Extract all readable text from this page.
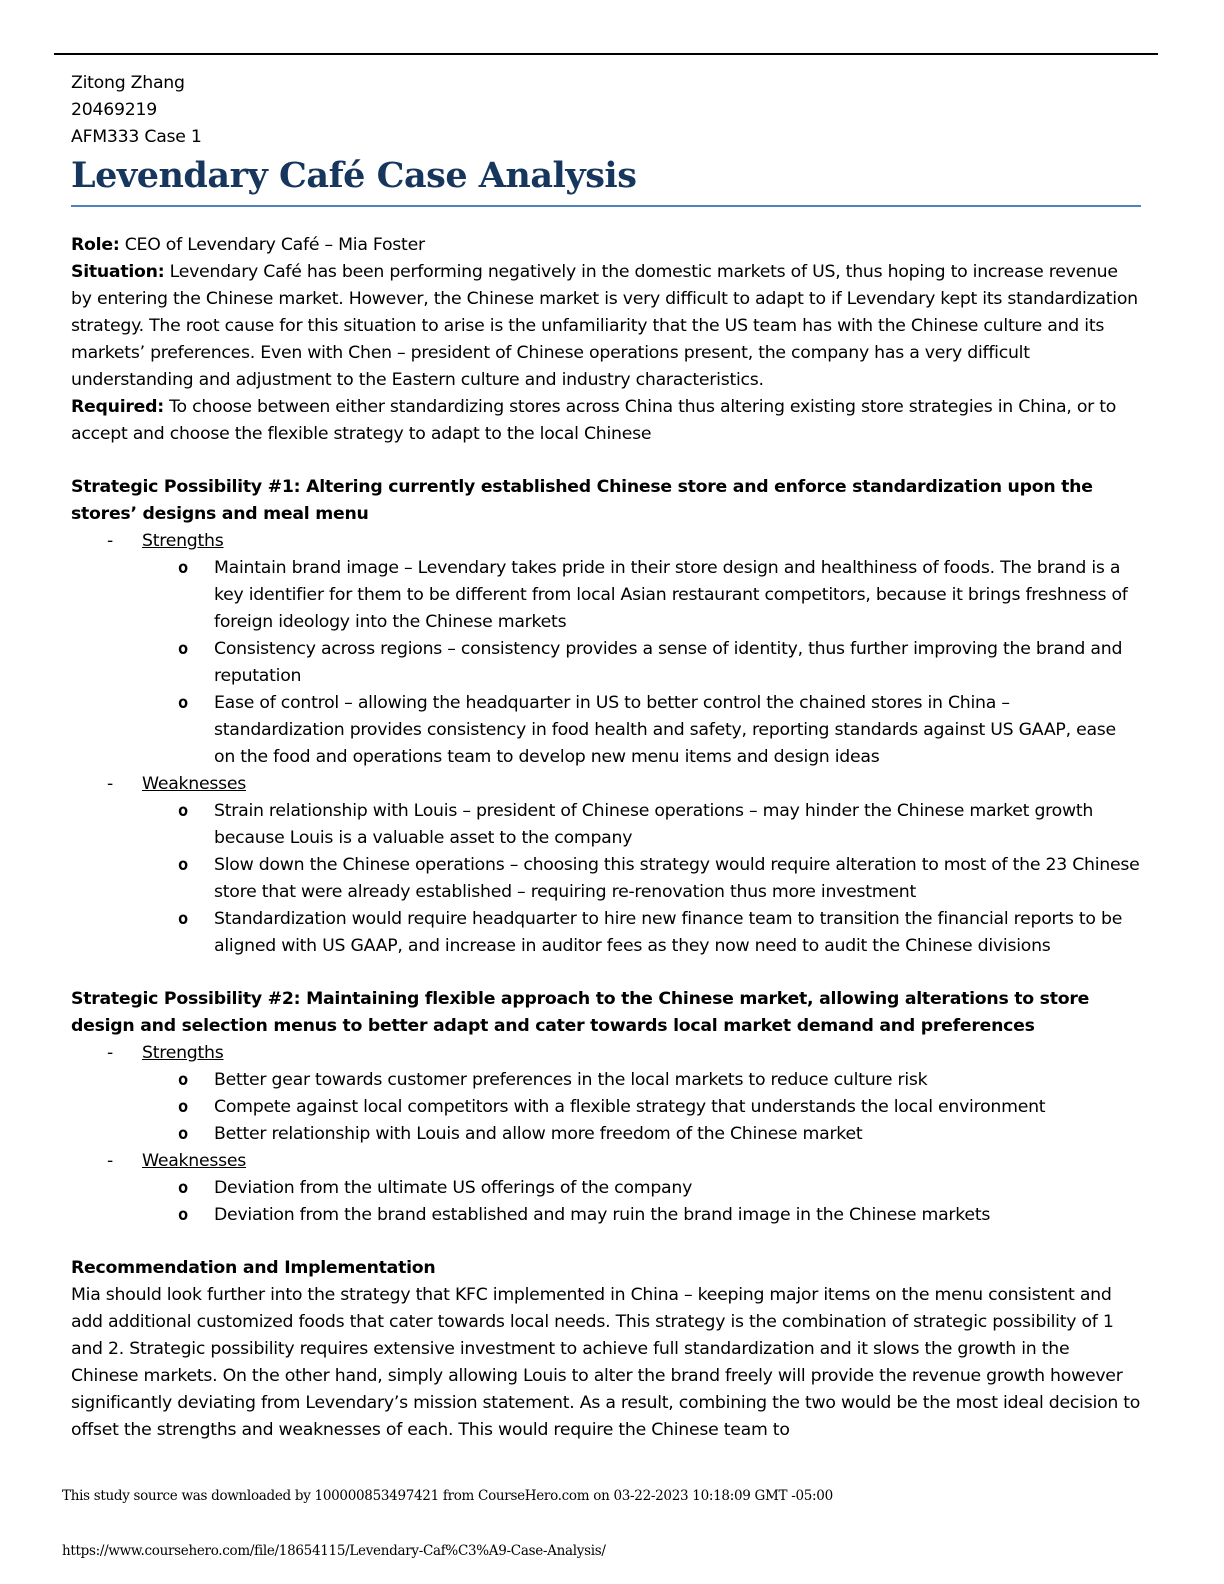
Zitong Zhang

20469219

AFM333 Case 1

Levendary Café Case Analysis

Role: CEO of Levendary Café – Mia Foster

Situation: Levendary Café has been performing negatively in the domestic markets of US, thus hoping to increase revenue by entering the Chinese market. However, the Chinese market is very difficult to adapt to if Levendary kept its standardization strategy. The root cause for this situation to arise is the unfamiliarity that the US team has with the Chinese culture and its markets’ preferences. Even with Chen – president of Chinese operations present, the company has a very difficult understanding and adjustment to the Eastern culture and industry characteristics.

Required: To choose between either standardizing stores across China thus altering existing store strategies in China, or to accept and choose the flexible strategy to adapt to the local Chinese

Strategic Possibility #1: Altering currently established Chinese store and enforce standardization upon the stores’ designs and meal menu

- Strengths
o Maintain brand image – Levendary takes pride in their store design and healthiness of foods. The brand is a key identifier for them to be different from local Asian restaurant competitors, because it brings freshness of foreign ideology into the Chinese markets
o Consistency across regions – consistency provides a sense of identity, thus further improving the brand and reputation
o Ease of control – allowing the headquarter in US to better control the chained stores in China – standardization provides consistency in food health and safety, reporting standards against US GAAP, ease on the food and operations team to develop new menu items and design ideas
- Weaknesses
o Strain relationship with Louis – president of Chinese operations – may hinder the Chinese market growth because Louis is a valuable asset to the company
o Slow down the Chinese operations – choosing this strategy would require alteration to most of the 23 Chinese store that were already established – requiring re-renovation thus more investment
o Standardization would require headquarter to hire new finance team to transition the financial reports to be aligned with US GAAP, and increase in auditor fees as they now need to audit the Chinese divisions

Strategic Possibility #2: Maintaining flexible approach to the Chinese market, allowing alterations to store design and selection menus to better adapt and cater towards local market demand and preferences

- Strengths
o Better gear towards customer preferences in the local markets to reduce culture risk
o Compete against local competitors with a flexible strategy that understands the local environment
o Better relationship with Louis and allow more freedom of the Chinese market
- Weaknesses
o Deviation from the ultimate US offerings of the company
o Deviation from the brand established and may ruin the brand image in the Chinese markets

Recommendation and Implementation

Mia should look further into the strategy that KFC implemented in China – keeping major items on the menu consistent and add additional customized foods that cater towards local needs. This strategy is the combination of strategic possibility of 1 and 2. Strategic possibility requires extensive investment to achieve full standardization and it slows the growth in the Chinese markets. On the other hand, simply allowing Louis to alter the brand freely will provide the revenue growth however significantly deviating from Levendary’s mission statement. As a result, combining the two would be the most ideal decision to offset the strengths and weaknesses of each. This would require the Chinese team to

This study source was downloaded by 100000853497421 from CourseHero.com on 03-22-2023 10:18:09 GMT -05:00
https://www.coursehero.com/file/18654115/Levendary-Caf%C3%A9-Case-Analysis/
